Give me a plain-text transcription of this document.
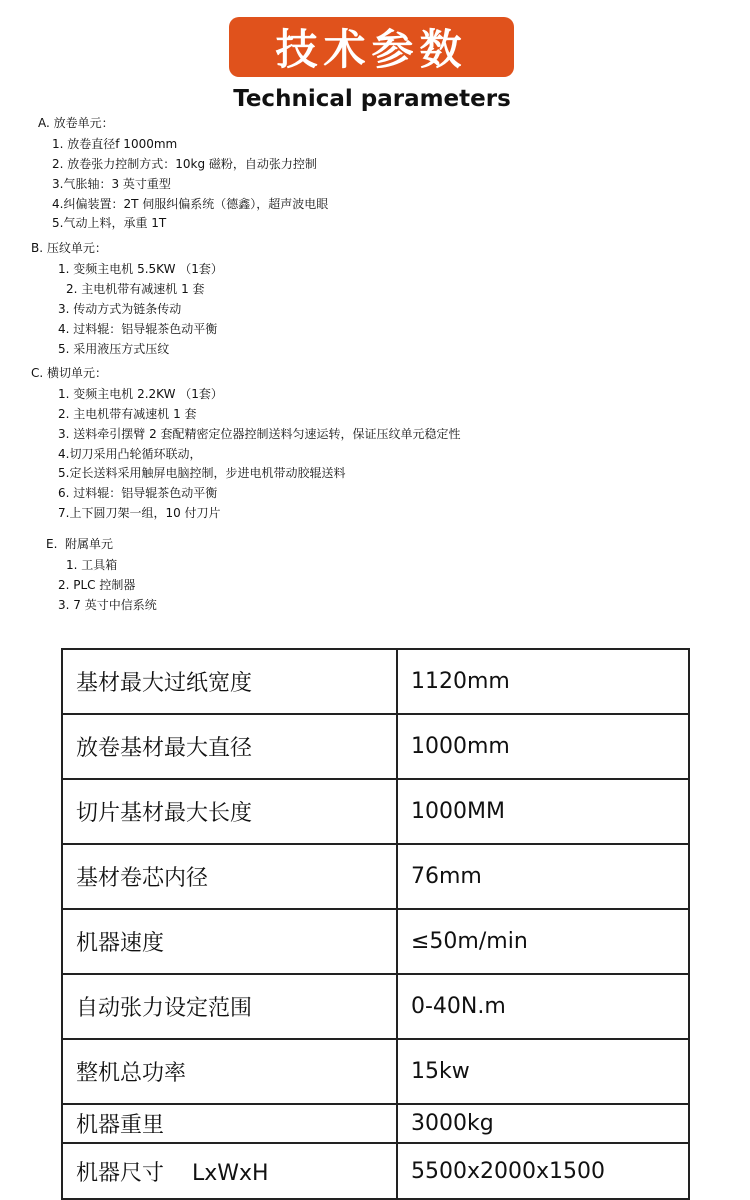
技术参数
Technical parameters
A. 放卷单元：
1. 放卷直径f 1000mm
2. 放卷张力控制方式：10kg 磁粉，自动张力控制
3.气胀轴：3 英寸重型
4.纠偏装置：2T 伺服纠偏系统（德鑫），超声波电眼
5.气动上料，承重 1T
B. 压纹单元：
1. 变频主电机 5.5KW （1套）
2. 主电机带有减速机 1 套
3. 传动方式为链条传动
4. 过料辊：铝导辊茶色动平衡
5. 采用液压方式压纹
C. 横切单元：
1. 变频主电机 2.2KW （1套）
2. 主电机带有减速机 1 套
3. 送料牵引摆臂 2 套配精密定位器控制送料匀速运转，保证压纹单元稳定性
4.切刀采用凸轮循环联动，
5.定长送料采用触屏电脑控制，步进电机带动胶辊送料
6. 过料辊：铝导辊茶色动平衡
7.上下圆刀架一组，10 付刀片
E.  附属单元
1. 工具箱
2. PLC 控制器
3. 7 英寸中信系统
基材最大过纸宽度	1120mm
放卷基材最大直径	1000mm
切片基材最大长度	1000MM
基材卷芯内径	76mm
机器速度	≤50m/min
自动张力设定范围	0-40N.m
整机总功率	15kw
机器重里	3000kg
机器尺寸    LxWxH	5500x2000x1500
